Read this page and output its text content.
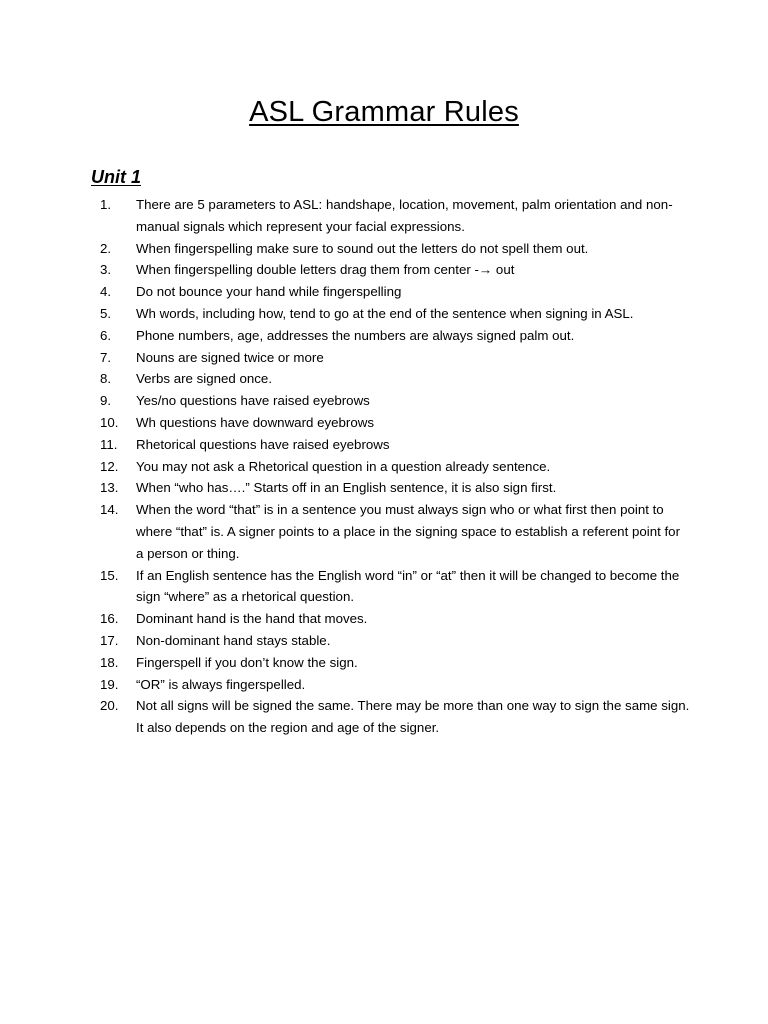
ASL Grammar Rules
Unit 1
1.	There are 5 parameters to ASL: handshape, location, movement, palm orientation and non-manual signals which represent your facial expressions.
2.	When fingerspelling make sure to sound out the letters do not spell them out.
3.	When fingerspelling double letters drag them from center -→ out
4.	Do not bounce your hand while fingerspelling
5.	Wh words, including how, tend to go at the end of the sentence when signing in ASL.
6.	Phone numbers, age, addresses the numbers are always signed palm out.
7.	Nouns are signed twice or more
8.	Verbs are signed once.
9.	Yes/no questions have raised eyebrows
10.	Wh questions have downward eyebrows
11.	Rhetorical questions have raised eyebrows
12.	You may not ask a Rhetorical question in a question already sentence.
13.	When “who has….” Starts off in an English sentence, it is also sign first.
14.	When the word “that” is in a sentence you must always sign who or what first then point to where “that” is. A signer points to a place in the signing space to establish a referent point for a person or thing.
15.	If an English sentence has the English word “in” or “at” then it will be changed to become the sign “where” as a rhetorical question.
16.	Dominant hand is the hand that moves.
17.	Non-dominant hand stays stable.
18.	Fingerspell if you don’t know the sign.
19.	“OR” is always fingerspelled.
20.	Not all signs will be signed the same. There may be more than one way to sign the same sign. It also depends on the region and age of the signer.
